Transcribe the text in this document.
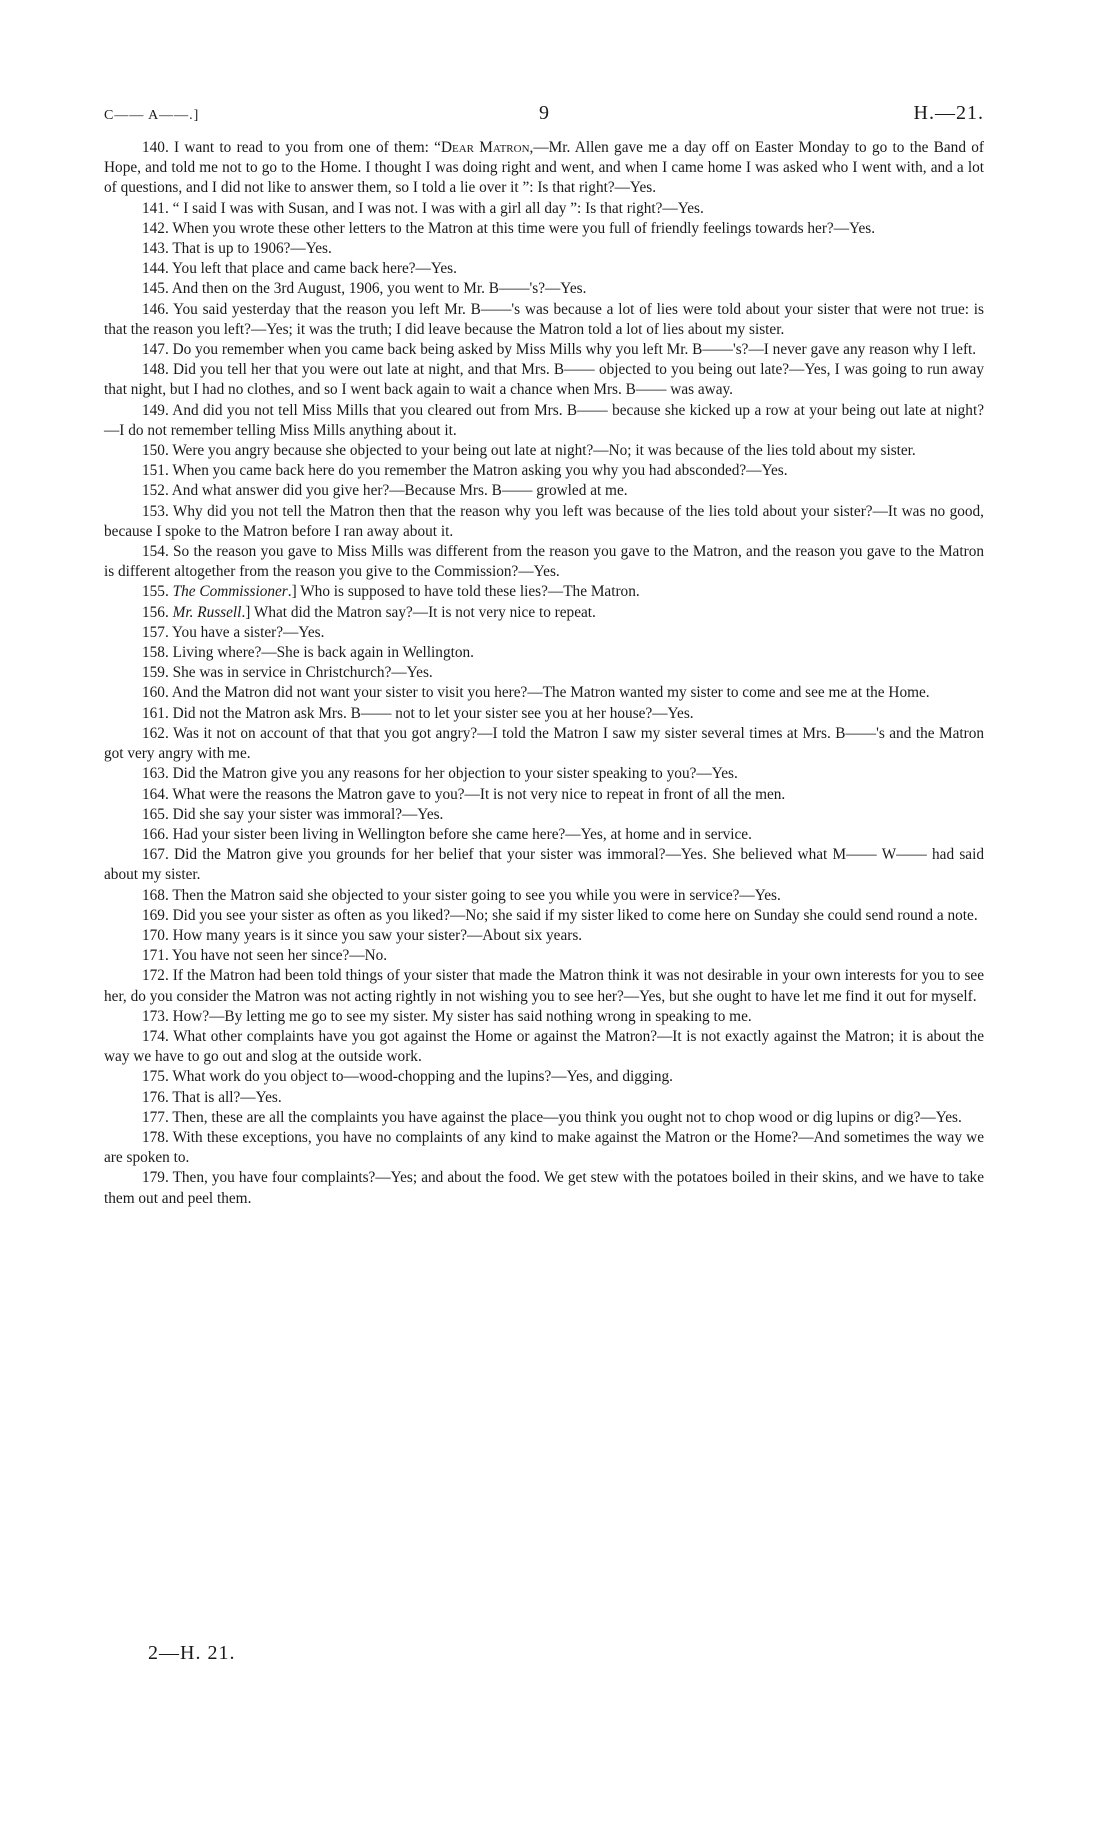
C—— A——.]	9	H.—21.

140. I want to read to you from one of them: “Dear Matron,—Mr. Allen gave me a day off on Easter Monday to go to the Band of Hope, and told me not to go to the Home. I thought I was doing right and went, and when I came home I was asked who I went with, and a lot of questions, and I did not like to answer them, so I told a lie over it ”: Is that right?—Yes.

141. “ I said I was with Susan, and I was not. I was with a girl all day ”: Is that right?—Yes.

142. When you wrote these other letters to the Matron at this time were you full of friendly feelings towards her?—Yes.

143. That is up to 1906?—Yes.

144. You left that place and came back here?—Yes.

145. And then on the 3rd August, 1906, you went to Mr. B——'s?—Yes.

146. You said yesterday that the reason you left Mr. B——'s was because a lot of lies were told about your sister that were not true: is that the reason you left?—Yes; it was the truth; I did leave because the Matron told a lot of lies about my sister.

147. Do you remember when you came back being asked by Miss Mills why you left Mr. B——'s?—I never gave any reason why I left.

148. Did you tell her that you were out late at night, and that Mrs. B—— objected to you being out late?—Yes, I was going to run away that night, but I had no clothes, and so I went back again to wait a chance when Mrs. B—— was away.

149. And did you not tell Miss Mills that you cleared out from Mrs. B—— because she kicked up a row at your being out late at night?—I do not remember telling Miss Mills anything about it.

150. Were you angry because she objected to your being out late at night?—No; it was because of the lies told about my sister.

151. When you came back here do you remember the Matron asking you why you had absconded?—Yes.

152. And what answer did you give her?—Because Mrs. B—— growled at me.

153. Why did you not tell the Matron then that the reason why you left was because of the lies told about your sister?—It was no good, because I spoke to the Matron before I ran away about it.

154. So the reason you gave to Miss Mills was different from the reason you gave to the Matron, and the reason you gave to the Matron is different altogether from the reason you give to the Commission?—Yes.

155. The Commissioner.] Who is supposed to have told these lies?—The Matron.

156. Mr. Russell.] What did the Matron say?—It is not very nice to repeat.

157. You have a sister?—Yes.

158. Living where?—She is back again in Wellington.

159. She was in service in Christchurch?—Yes.

160. And the Matron did not want your sister to visit you here?—The Matron wanted my sister to come and see me at the Home.

161. Did not the Matron ask Mrs. B—— not to let your sister see you at her house?—Yes.

162. Was it not on account of that that you got angry?—I told the Matron I saw my sister several times at Mrs. B——'s and the Matron got very angry with me.

163. Did the Matron give you any reasons for her objection to your sister speaking to you?—Yes.

164. What were the reasons the Matron gave to you?—It is not very nice to repeat in front of all the men.

165. Did she say your sister was immoral?—Yes.

166. Had your sister been living in Wellington before she came here?—Yes, at home and in service.

167. Did the Matron give you grounds for her belief that your sister was immoral?—Yes. She believed what M—— W—— had said about my sister.

168. Then the Matron said she objected to your sister going to see you while you were in service?—Yes.

169. Did you see your sister as often as you liked?—No; she said if my sister liked to come here on Sunday she could send round a note.

170. How many years is it since you saw your sister?—About six years.

171. You have not seen her since?—No.

172. If the Matron had been told things of your sister that made the Matron think it was not desirable in your own interests for you to see her, do you consider the Matron was not acting rightly in not wishing you to see her?—Yes, but she ought to have let me find it out for myself.

173. How?—By letting me go to see my sister. My sister has said nothing wrong in speaking to me.

174. What other complaints have you got against the Home or against the Matron?—It is not exactly against the Matron; it is about the way we have to go out and slog at the outside work.

175. What work do you object to—wood-chopping and the lupins?—Yes, and digging.

176. That is all?—Yes.

177. Then, these are all the complaints you have against the place—you think you ought not to chop wood or dig lupins or dig?—Yes.

178. With these exceptions, you have no complaints of any kind to make against the Matron or the Home?—And sometimes the way we are spoken to.

179. Then, you have four complaints?—Yes; and about the food. We get stew with the potatoes boiled in their skins, and we have to take them out and peel them.

2—H. 21.
